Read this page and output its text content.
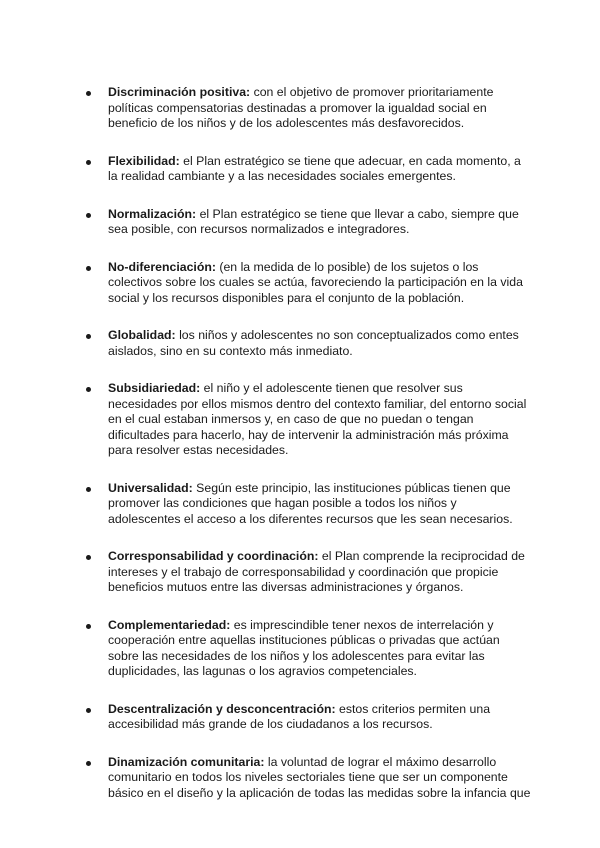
Discriminación positiva: con el objetivo de promover prioritariamente políticas compensatorias destinadas a promover la igualdad social en beneficio de los niños y de los adolescentes más desfavorecidos.
Flexibilidad: el Plan estratégico se tiene que adecuar, en cada momento, a la realidad cambiante y a las necesidades sociales emergentes.
Normalización: el Plan estratégico se tiene que llevar a cabo, siempre que sea posible, con recursos normalizados e integradores.
No-diferenciación: (en la medida de lo posible) de los sujetos o los colectivos sobre los cuales se actúa, favoreciendo la participación en la vida social y los recursos disponibles para el conjunto de la población.
Globalidad: los niños y adolescentes no son conceptualizados como entes aislados, sino en su contexto más inmediato.
Subsidiariedad: el niño y el adolescente tienen que resolver sus necesidades por ellos mismos dentro del contexto familiar, del entorno social en el cual estaban inmersos y, en caso de que no puedan o tengan dificultades para hacerlo, hay de intervenir la administración más próxima para resolver estas necesidades.
Universalidad: Según este principio, las instituciones públicas tienen que promover las condiciones que hagan posible a todos los niños y adolescentes el acceso a los diferentes recursos que les sean necesarios.
Corresponsabilidad y coordinación: el Plan comprende la reciprocidad de intereses y el trabajo de corresponsabilidad y coordinación que propicie beneficios mutuos entre las diversas administraciones y órganos.
Complementariedad: es imprescindible tener nexos de interrelación y cooperación entre aquellas instituciones públicas o privadas que actúan sobre las necesidades de los niños y los adolescentes para evitar las duplicidades, las lagunas o los agravios competenciales.
Descentralización y desconcentración: estos criterios permiten una accesibilidad más grande de los ciudadanos a los recursos.
Dinamización comunitaria: la voluntad de lograr el máximo desarrollo comunitario en todos los niveles sectoriales tiene que ser un componente básico en el diseño y la aplicación de todas las medidas sobre la infancia que
